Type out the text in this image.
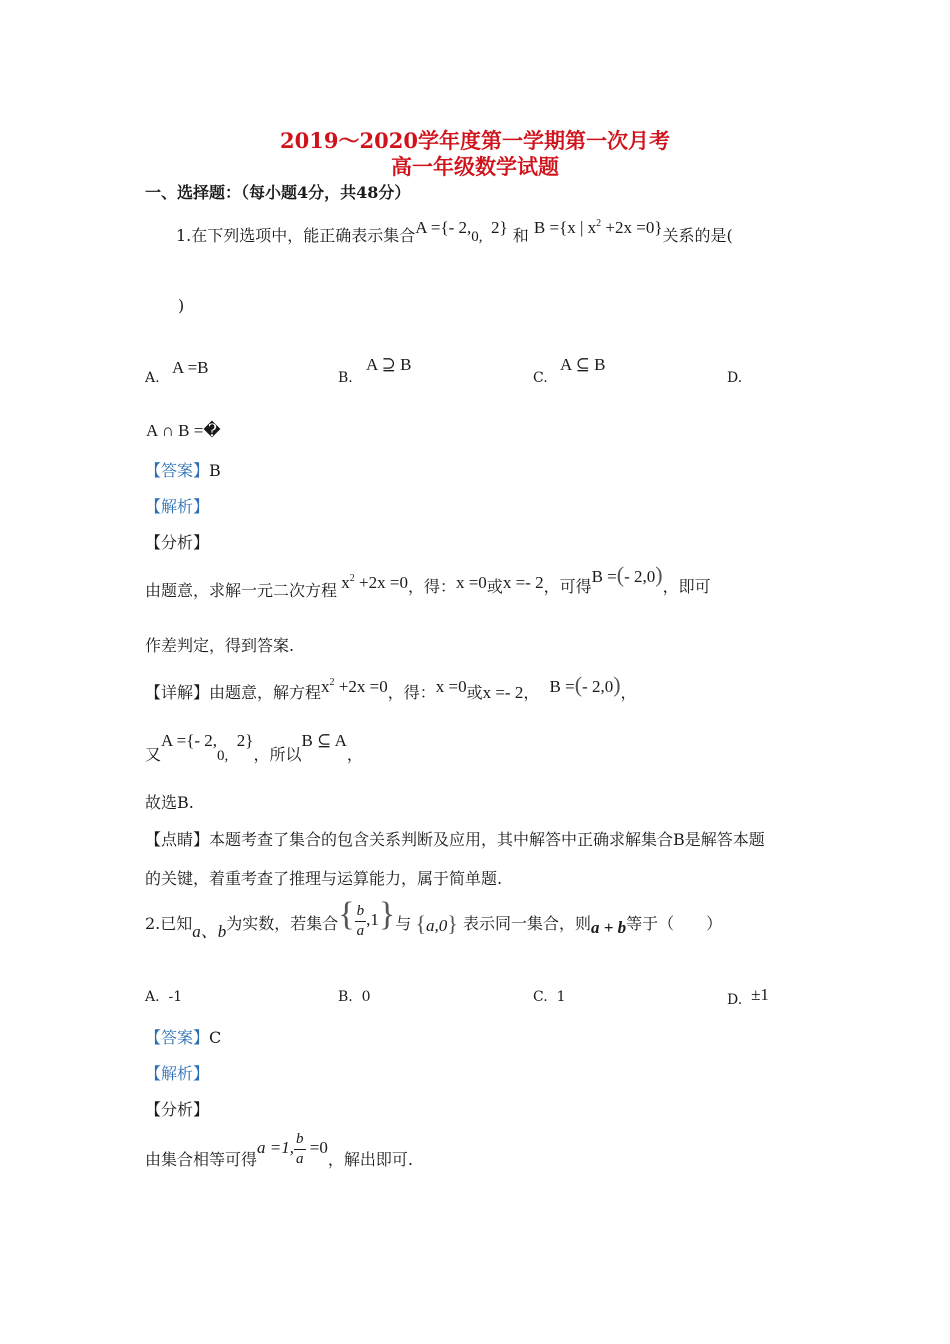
2019～2020学年度第一学期第一次月考
高一年级数学试题
一、选择题：（每小题4分，共48分）
1.在下列选项中，能正确表示集合A ={- 2,0, 2} 和 B ={x | $x^2 +2x =0$}关系的是(
)
A.
A =B
B.
A ⊇ B
C.
A ⊆ B
D.
A ∩ B =�
【答案】B
【解析】
【分析】
由题意，求解一元二次方程 $x^2 +2x =0$，得：x =0或x =- 2，可得B =(- 2,0)，即可
作差判定，得到答案.
【详解】由题意，解方程$x^2 +2x =0$，得：x =0或x =- 2， B =(- 2,0)，
又A ={- 2,0,  2}，所以B ⊆ A，
故选B.
【点睛】本题考查了集合的包含关系判断及应用，其中解答中正确求解集合B是解答本题
的关键，着重考查了推理与运算能力，属于简单题.
2.已知a、b为实数，若集合{ $\frac{b}{a} ,1$}与 {a,0} 表示同一集合，则a + b等于（　　）
A. -1	B. 0	C. 1	D. ±1
【答案】C
【解析】
【分析】
由集合相等可得a =1, $\frac{b}{a} =0$，解出即可.
